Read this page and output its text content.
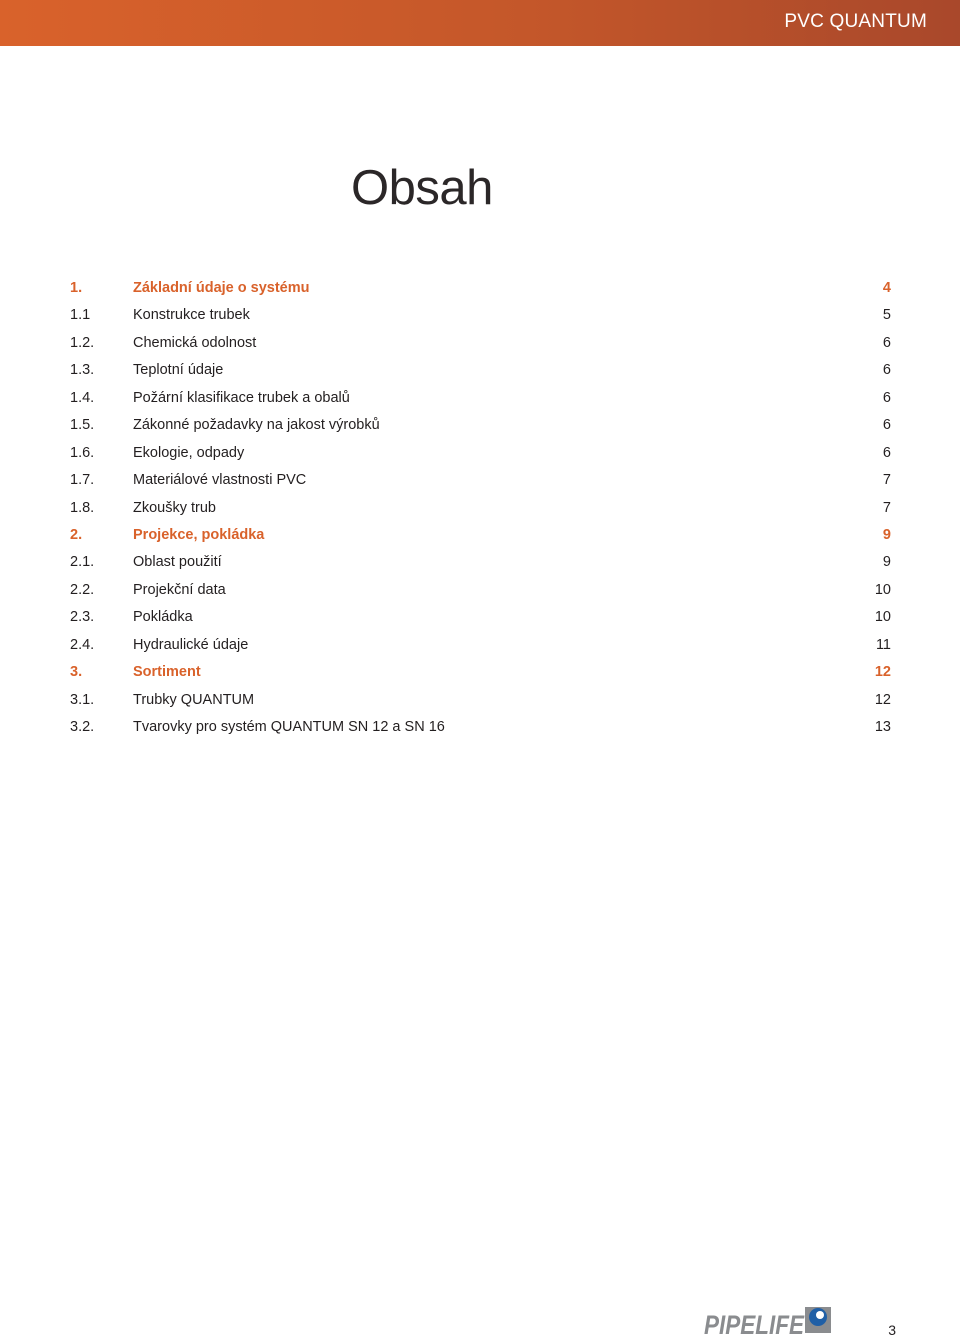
PVC QUANTUM
Obsah
1.	Základní údaje o systému	4
1.1	Konstrukce trubek	5
1.2.	Chemická odolnost	6
1.3.	Teplotní údaje	6
1.4.	Požární klasifikace trubek a obalů	6
1.5.	Zákonné požadavky na jakost výrobků	6
1.6.	Ekologie, odpady	6
1.7.	Materiálové vlastnosti PVC	7
1.8.	Zkoušky trub	7
2.	Projekce, pokládka	9
2.1.	Oblast použití	9
2.2.	Projekční data	10
2.3.	Pokládka	10
2.4.	Hydraulické údaje	11
3.	Sortiment	12
3.1.	Trubky QUANTUM	12
3.2.	Tvarovky pro systém QUANTUM SN 12 a SN 16	13
PIPELIFE	3
